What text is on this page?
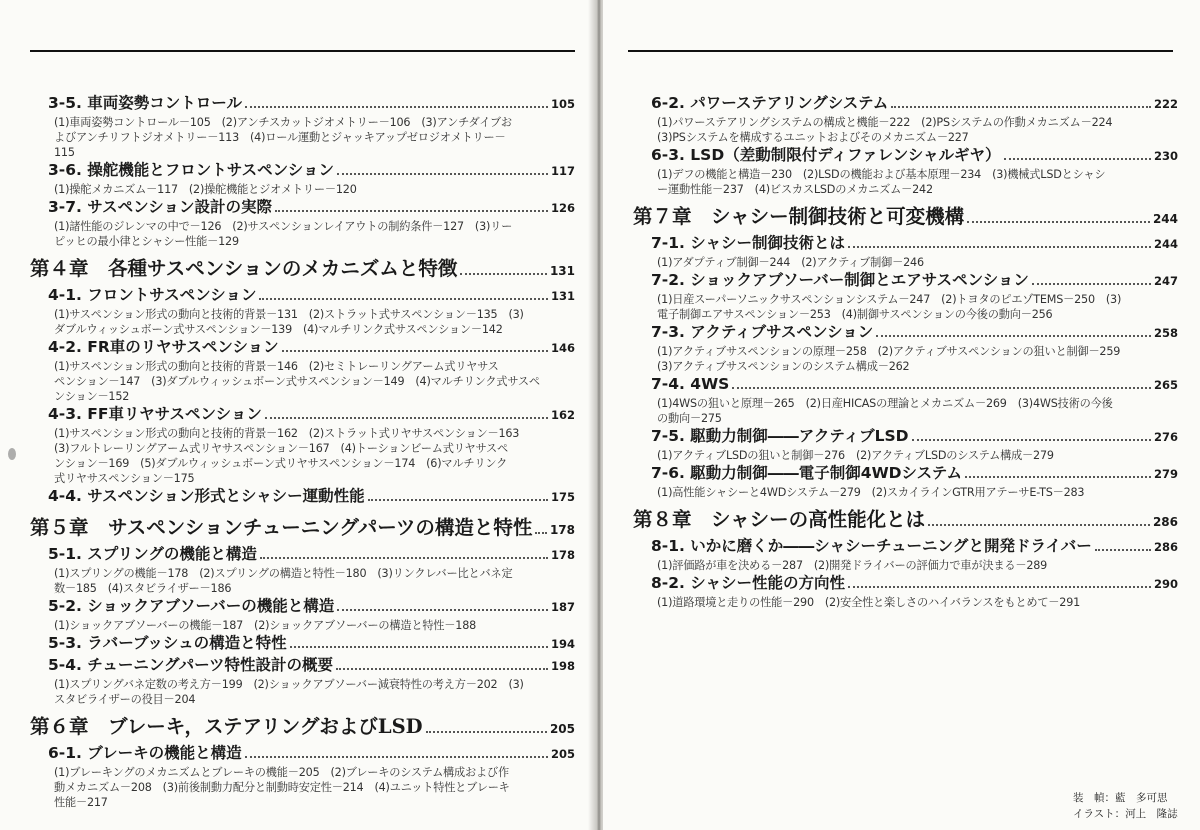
3-5. 車両姿勢コントロール	105
(1)車両姿勢コントロール－105　(2)アンチスカットジオメトリー－106　(3)アンチダイブお
よびアンチリフトジオメトリー－113　(4)ロール運動とジャッキアップゼロジオメトリー－
115
3-6. 操舵機能とフロントサスペンション	117
(1)操舵メカニズム－117　(2)操舵機能とジオメトリー－120
3-7. サスペンション設計の実際	126
(1)諸性能のジレンマの中で－126　(2)サスペンションレイアウトの制約条件－127　(3)リー
ピッヒの最小律とシャシー性能－129
第４章　各種サスペンションのメカニズムと特徴	131
4-1. フロントサスペンション	131
(1)サスペンション形式の動向と技術的背景－131　(2)ストラット式サスペンション－135　(3)
ダブルウィッシュボーン式サスペンション－139　(4)マルチリンク式サスペンション－142
4-2. FR車のリヤサスペンション	146
(1)サスペンション形式の動向と技術的背景－146　(2)セミトレーリングアーム式リヤサス
ペンション－147　(3)ダブルウィッシュボーン式サスペンション－149　(4)マルチリンク式サスペ
ンション－152
4-3. FF車リヤサスペンション	162
(1)サスペンション形式の動向と技術的背景－162　(2)ストラット式リヤサスペンション－163
(3)フルトレーリングアーム式リヤサスペンション－167　(4)トーションビーム式リヤサスペ
ンション－169　(5)ダブルウィッシュボーン式リヤサスペンション－174　(6)マルチリンク
式リヤサスペンション－175
4-4. サスペンション形式とシャシー運動性能	175
第５章　サスペンションチューニングパーツの構造と特性 178
5-1. スプリングの機能と構造	178
(1)スプリングの機能－178　(2)スプリングの構造と特性－180　(3)リンクレバー比とバネ定
数－185　(4)スタビライザー－186
5-2. ショックアブソーバーの機能と構造	187
(1)ショックアブソーバーの機能－187　(2)ショックアブソーバーの構造と特性－188
5-3. ラバーブッシュの構造と特性	194
5-4. チューニングパーツ特性設計の概要	198
(1)スプリングバネ定数の考え方－199　(2)ショックアブソーバー減衰特性の考え方－202　(3)
スタビライザーの役目－204
第６章　ブレーキ，ステアリングおよびLSD	205
6-1. ブレーキの機能と構造	205
(1)ブレーキングのメカニズムとブレーキの機能－205　(2)ブレーキのシステム構成および作
動メカニズム－208　(3)前後制動力配分と制動時安定性－214　(4)ユニット特性とブレーキ
性能－217
6-2. パワーステアリングシステム	222
(1)パワーステアリングシステムの構成と機能－222　(2)PSシステムの作動メカニズム－224
(3)PSシステムを構成するユニットおよびそのメカニズム－227
6-3. LSD（差動制限付ディファレンシャルギヤ）	230
(1)デフの機能と構造－230　(2)LSDの機能および基本原理－234　(3)機械式LSDとシャシ
ー運動性能－237　(4)ビスカスLSDのメカニズム－242
第７章　シャシー制御技術と可変機構	244
7-1. シャシー制御技術とは	244
(1)アダプティブ制御－244　(2)アクティブ制御－246
7-2. ショックアブソーバー制御とエアサスペンション	247
(1)日産スーパーソニックサスペンションシステム－247　(2)トヨタのピエゾTEMS－250　(3)
電子制御エアサスペンション－253　(4)制御サスペンションの今後の動向－256
7-3. アクティブサスペンション	258
(1)アクティブサスペンションの原理－258　(2)アクティブサスペンションの狙いと制御－259
(3)アクティブサスペンションのシステム構成－262
7-4. 4WS	265
(1)4WSの狙いと原理－265　(2)日産HICASの理論とメカニズム－269　(3)4WS技術の今後
の動向－275
7-5. 駆動力制御――アクティブLSD	276
(1)アクティブLSDの狙いと制御－276　(2)アクティブLSDのシステム構成－279
7-6. 駆動力制御――電子制御4WDシステム	279
(1)高性能シャシーと4WDシステム－279　(2)スカイラインGTR用アテーサE-TS－283
第８章　シャシーの高性能化とは	286
8-1. いかに磨くか――シャシーチューニングと開発ドライバー	286
(1)評価路が車を決める－287　(2)開発ドライバーの評価力で車が決まる－289
8-2. シャシー性能の方向性	290
(1)道路環境と走りの性能－290　(2)安全性と楽しさのハイバランスをもとめて－291
装　幀：藍　多可思
イラスト：河上　隆誌
